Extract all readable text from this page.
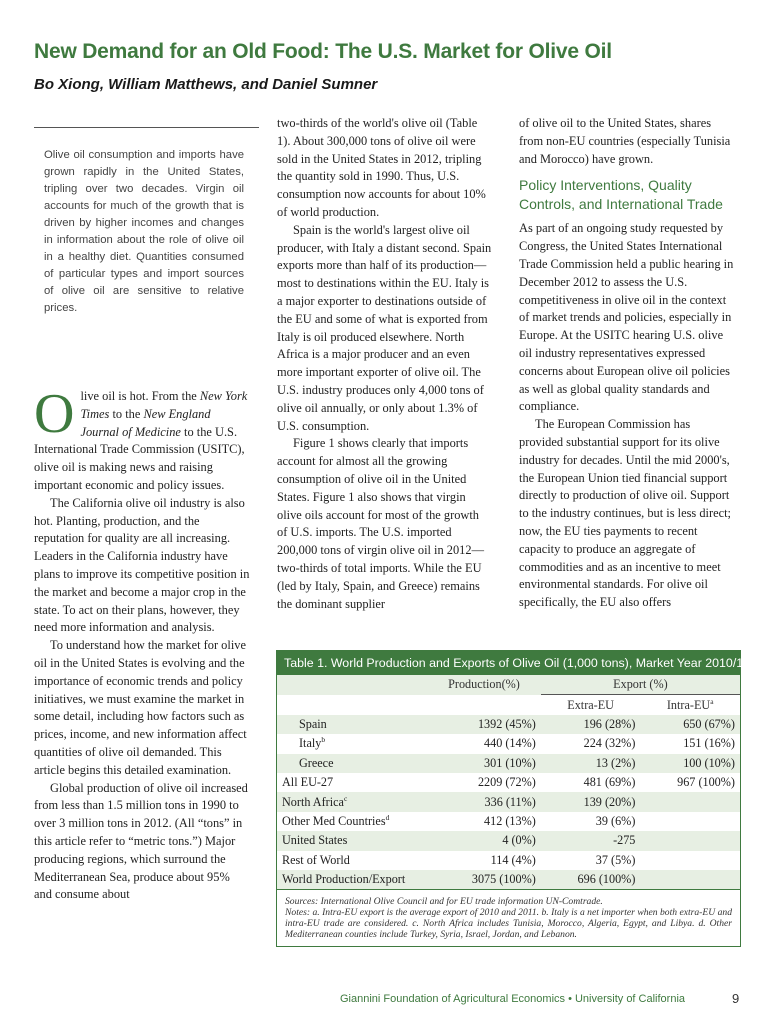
New Demand for an Old Food: The U.S. Market for Olive Oil
Bo Xiong, William Matthews, and Daniel Sumner
Olive oil consumption and imports have grown rapidly in the United States, tripling over two decades. Virgin oil accounts for much of the growth that is driven by higher incomes and changes in information about the role of olive oil in a healthy diet. Quantities consumed of particular types and import sources of olive oil are sensitive to relative prices.

Olive oil is hot. From the New York Times to the New England Journal of Medicine to the U.S. International Trade Commission (USITC), olive oil is making news and raising important economic and policy issues.

The California olive oil industry is also hot. Planting, production, and the reputation for quality are all increasing. Leaders in the California industry have plans to improve its competitive position in the market and become a major crop in the state. To act on their plans, however, they need more information and analysis.

To understand how the market for olive oil in the United States is evolving and the importance of economic trends and policy initiatives, we must examine the market in some detail, including how factors such as prices, income, and new information affect quantities of olive oil demanded. This article begins this detailed examination.

Global production of olive oil increased from less than 1.5 million tons in 1990 to over 3 million tons in 2012. (All “tons” in this article refer to “metric tons.”) Major producing regions, which surround the Mediterranean Sea, produce about 95% and consume about

two-thirds of the world's olive oil (Table 1). About 300,000 tons of olive oil were sold in the United States in 2012, tripling the quantity sold in 1990. Thus, U.S. consumption now accounts for about 10% of world production.

Spain is the world's largest olive oil producer, with Italy a distant second. Spain exports more than half of its production—most to destinations within the EU. Italy is a major exporter to destinations outside of the EU and some of what is exported from Italy is oil produced elsewhere. North Africa is a major producer and an even more important exporter of olive oil. The U.S. industry produces only 4,000 tons of olive oil annually, or only about 1.3% of U.S. consumption.

Figure 1 shows clearly that imports account for almost all the growing consumption of olive oil in the United States. Figure 1 also shows that virgin olive oils account for most of the growth of U.S. imports. The U.S. imported 200,000 tons of virgin olive oil in 2012—two-thirds of total imports. While the EU (led by Italy, Spain, and Greece) remains the dominant supplier

of olive oil to the United States, shares from non-EU countries (especially Tunisia and Morocco) have grown.

Policy Interventions, Quality Controls, and International Trade

As part of an ongoing study requested by Congress, the United States International Trade Commission held a public hearing in December 2012 to assess the U.S. competitiveness in olive oil in the context of market trends and policies, especially in Europe. At the USITC hearing U.S. olive oil industry representatives expressed concerns about European olive oil policies as well as global quality standards and compliance.

The European Commission has provided substantial support for its olive industry for decades. Until the mid 2000's, the European Union tied financial support directly to production of olive oil. Support to the industry continues, but is less direct; now, the EU ties payments to recent capacity to produce an aggregate of commodities and as an incentive to meet environmental standards. For olive oil specifically, the EU also offers

Table 1. World Production and Exports of Olive Oil (1,000 tons), Market Year 2010/11
	Production(%)	Export (%)	
		Extra-EU	Intra-$EU^a$
Spain	1392 (45%)	196 (28%)	650 (67%)
Italy$^b$	440 (14%)	224 (32%)	151 (16%)
Greece	301 (10%)	13 (2%)	100 (10%)
All EU-27	2209 (72%)	481 (69%)	967 (100%)
North Africa$^c$	336 (11%)	139 (20%)	
Other Med Countries$^d$	412 (13%)	39 (6%)	
United States	4 (0%)	-275	
Rest of World	114 (4%)	37 (5%)	
World Production/Export	3075 (100%)	696 (100%)	
Sources: International Olive Council and for EU trade information UN-Comtrade.
Notes: a. Intra-EU export is the average export of 2010 and 2011. b. Italy is a net importer when both extra-EU and intra-EU trade are considered. c. North Africa includes Tunisia, Morocco, Algeria, Egypt, and Libya. d. Other Mediterranean counties include Turkey, Syria, Israel, Jordan, and Lebanon.
Giannini Foundation of Agricultural Economics • University of California	9
